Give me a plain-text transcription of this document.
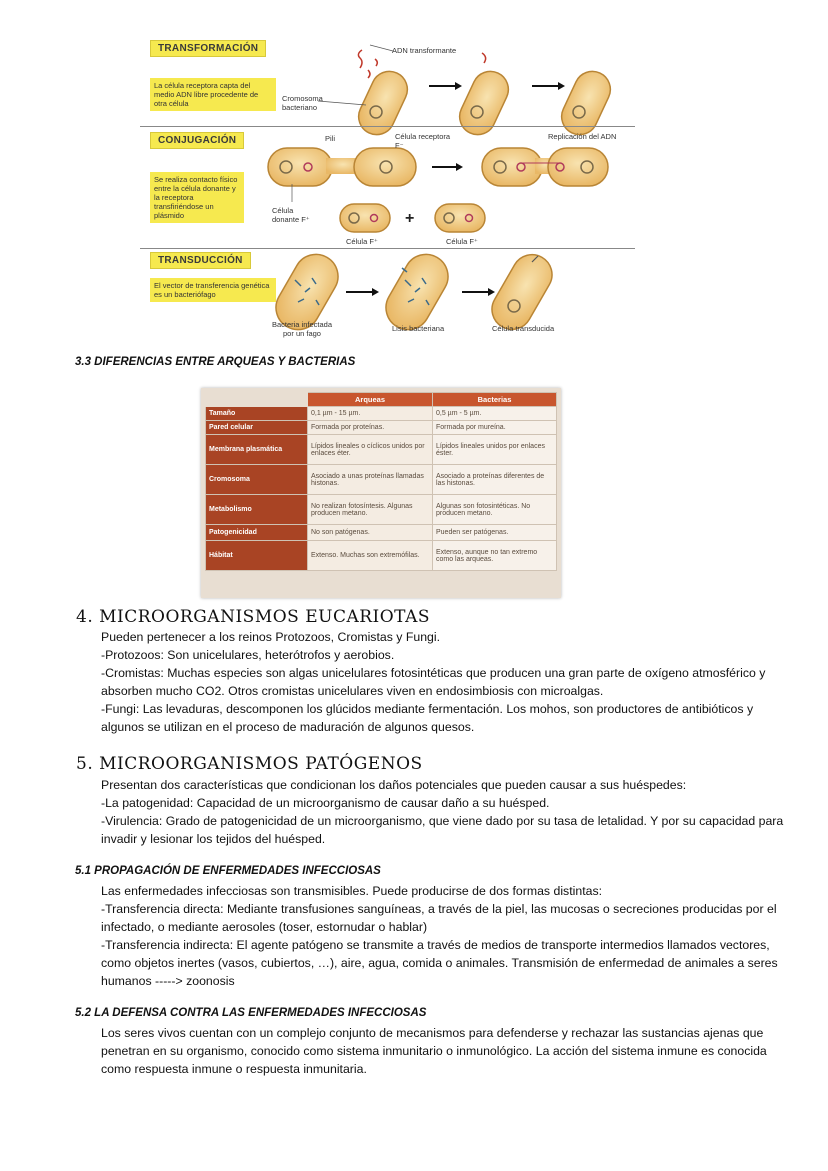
+
TRANSFORMACIÓN
La célula receptora capta del medio ADN libre procedente de otra célula
ADN transformante
Cromosoma bacteriano
CONJUGACIÓN
Se realiza contacto físico entre la célula donante y la receptora transfiriéndose un plásmido
Pili	Célula receptora F⁻
Replicación del ADN
Célula donante F⁺
Célula F⁺	Célula F⁺
TRANSDUCCIÓN
El vector de transferencia genética es un bacteriófago
Bacteria infectada por un fago
Lisis bacteriana	Célula transducida
3.3 DIFERENCIAS ENTRE ARQUEAS Y BACTERIAS
	Arqueas	Bacterias
Tamaño	0,1 µm - 15 µm.	0,5 µm - 5 µm.
Pared celular	Formada por proteínas.	Formada por mureína.
Membrana plasmática	Lípidos lineales o cíclicos unidos por enlaces éter.	Lípidos lineales unidos por enlaces éster.
Cromosoma	Asociado a unas proteínas llamadas histonas.	Asociado a proteínas diferentes de las histonas.
Metabolismo	No realizan fotosíntesis. Algunas producen metano.	Algunas son fotosintéticas. No producen metano.
Patogenicidad	No son patógenas.	Pueden ser patógenas.
Hábitat	Extenso. Muchas son extremófilas.	Extenso, aunque no tan extremo como las arqueas.
4. MICROORGANISMOS EUCARIOTAS

Pueden pertenecer a los reinos Protozoos, Cromistas y Fungi.

-Protozoos: Son unicelulares, heterótrofos y aerobios.

-Cromistas: Muchas especies son algas unicelulares fotosintéticas que producen una gran parte de oxígeno atmosférico y absorben mucho CO2. Otros cromistas unicelulares viven en endosimbiosis con microalgas.

-Fungi: Las levaduras, descomponen los glúcidos mediante fermentación. Los mohos, son productores de antibióticos y algunos se utilizan en el proceso de maduración de algunos quesos.

5. MICROORGANISMOS PATÓGENOS

Presentan dos características que condicionan los daños potenciales que pueden causar a sus huéspedes:

-La patogenidad: Capacidad de un microorganismo de causar daño a su huésped.

-Virulencia: Grado de patogenicidad de un microorganismo, que viene dado por su tasa de letalidad. Y por su capacidad para invadir y lesionar los tejidos del huésped.

5.1 PROPAGACIÓN DE ENFERMEDADES INFECCIOSAS

Las enfermedades infecciosas son transmisibles. Puede producirse de dos formas distintas:

-Transferencia directa: Mediante transfusiones sanguíneas, a través de la piel, las mucosas o secreciones producidas por el infectado, o mediante aerosoles (toser, estornudar o hablar)

-Transferencia indirecta: El agente patógeno se transmite a través de medios de transporte intermedios llamados vectores, como objetos inertes (vasos, cubiertos, …), aire, agua, comida o animales. Transmisión de enfermedad de animales a seres humanos -----> zoonosis

5.2 LA DEFENSA CONTRA LAS ENFERMEDADES INFECCIOSAS

Los seres vivos cuentan con un complejo conjunto de mecanismos para defenderse y rechazar las sustancias ajenas que penetran en su organismo, conocido como sistema inmunitario o inmunológico. La acción del sistema inmune es conocida como respuesta inmune o respuesta inmunitaria.
